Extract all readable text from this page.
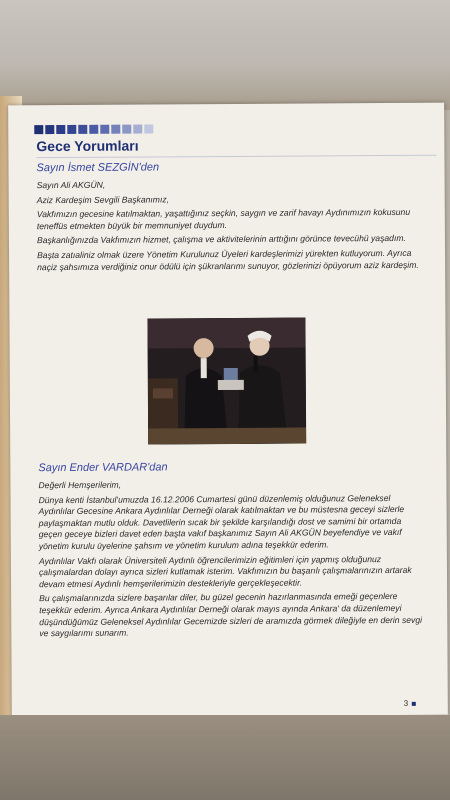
Gece Yorumları
Sayın İsmet SEZGİN'den

Sayın Ali AKGÜN,

Aziz Kardeşim Sevgili Başkanımız,

Vakfımızın gecesine katılmaktan, yaşattığınız seçkin, saygın ve zarif havayı Aydınımızın kokusunu teneffüs etmekten büyük bir memnuniyet duydum.

Başkanlığınızda Vakfımızın hizmet, çalışma ve aktivitelerinin arttığını görünce tevecühü yaşadım.

Başta zatıaliniz olmak üzere Yönetim Kurulunuz Üyeleri kardeşlerimizi yürekten kutluyorum. Ayrıca naçiz şahsımıza verdiğiniz onur ödülü için şükranlarımı sunuyor, gözlerinizi öpüyorum aziz kardeşim.

Sayın Ender VARDAR'dan

Değerli Hemşerilerim,

Dünya kenti İstanbul'umuzda 16.12.2006 Cumartesi günü düzenlemiş olduğunuz Geleneksel Aydınlılar Gecesine Ankara Aydınlılar Derneği olarak katılmaktan ve bu müstesna geceyi sizlerle paylaşmaktan mutlu olduk. Davetlilerin sıcak bir şekilde karşılandığı dost ve samimi bir ortamda geçen geceye bizleri davet eden başta vakıf başkanımız Sayın Ali AKGÜN beyefendiye ve vakıf yönetim kurulu üyelerine şahsım ve yönetim kurulum adına teşekkür ederim.

Aydınlılar Vakfı olarak Üniversiteli Aydınlı öğrencilerimizin eğitimleri için yapmış olduğunuz çalışmalardan dolayı ayrıca sizleri kutlamak isterim. Vakfımızın bu başarılı çalışmalarınızın artarak devam etmesi Aydınlı hemşerilerimizin destekleriyle gerçekleşecektir.

Bu çalışmalarınızda sizlere başarılar diler, bu güzel gecenin hazırlanmasında emeği geçenlere teşekkür ederim. Ayrıca Ankara Aydınlılar Derneği olarak mayıs ayında Ankara' da düzenlemeyi düşündüğümüz Geleneksel Aydınlılar Gecemizde sizleri de aramızda görmek dileğiyle en derin sevgi ve saygılarımı sunarım.

3
